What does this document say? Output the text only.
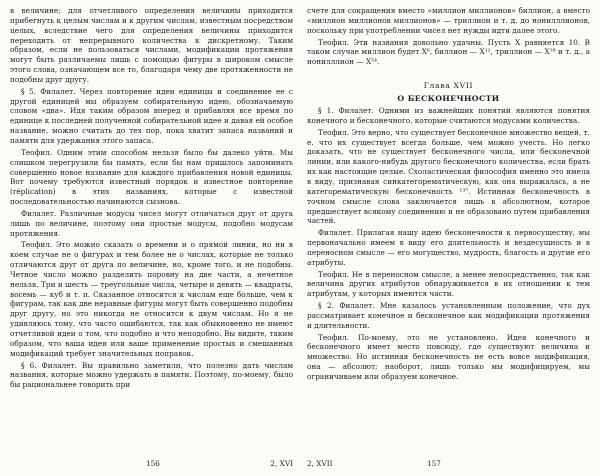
в величине; для отчетливого определения величины приходится прибегнуть к целым числам и к другим числам, известным посредством целых, вследствие чего для определения величины приходится переходить от непрерывного количества к дискретному. Таким образом, если не пользоваться числами, модификации протяжения могут быть различаемы лишь с помощью фигуры в широком смысле этого слова, означающем все то, благодаря чему две протяженности не подобны друг другу.

§ 5. Филалет. Через повторение идеи единицы и соединение ее с другой единицей мы образуем собирательную идею, обозначаемую словом «два». Идя таким образом вперед и прибавляя все время по единице к последней полученной собирательной идее и давая ей особое название, можно считать до тех пор, пока хватит запаса названий и памяти для удержания этого запаса.

Теофил. Одним этим способом нельзя было бы далеко уйти. Мы слишком перегрузили бы память, если бы нам пришлось запоминать совершенно новое название для каждого прибавления новой единицы. Вот почему требуются известный порядок и известное повторение (réplication) в этих названиях, которые с известной последовательностью начинаются сызнова.

Филалет. Различные модусы чисел могут отличаться друг от друга лишь по величине, поэтому они простые модусы, подобно модусам протяжения.

Теофил. Это можно сказать о времени и о прямой линии, но ни в коем случае не о фигурах и тем более не о числах, которые не только отличаются друг от друга по величине, но, кроме того, и не подобны. Четное число можно разделить поровну на две части, а нечетное нельзя. Три и шесть — треугольные числа, четыре и девять — квадраты, восемь — куб и т. п. Сказанное относится к числам еще больше, чем к фигурам, так как две неравные фигуры могут быть совершенно подобны друг другу, но это никогда не относится к двум числам. Но я не удивляюсь тому, что часто ошибаются, так как обыкновенно не имеют отчетливой идеи о том, что подобно и что неподобно. Вы видите, таким образом, что ваша идея или ваше применение простых и смешанных модификаций требует значительных поправок.

§ 6. Филалет. Вы правильно заметили, что полезно дать числам названия, которые можно удержать в памяти. Поэтому, по-моему, было бы рациональнее говорить при

156	2, XVI

счете для сокращения вместо «миллион миллионов» биллион, а вместо «миллион миллионов миллионов» — триллион и т. д. до нонилллионов, поскольку при употреблении чисел нет нужды идти далее этого.

Теофил. Эти названия довольно удачны. Пусть X равняется 10. В таком случае миллион будет X⁶, биллион — X¹², триллион — X¹⁸ и т. д., а нонилллион — X⁵⁴.

Глава XVII
О БЕСКОНЕЧНОСТИ

§ 1. Филалет. Одними из важнейших понятий являются понятия конечного и бесконечного, которые считаются модусами количества.

Теофил. Это верно, что существует бесконечное множество вещей, т. е. что их существует всегда больше, чем можно учесть. Но легко доказать, что не существует бесконечного числа, или бесконечной линии, или какого-нибудь другого бесконечного количества, если брать их как настоящие целые. Схоластическая философия именно это имела в виду, признавая синкатегорематическую, как она выражалась, а не категорематическую бесконечность ¹³⁷. Истинная бесконечность в точном смысле слова заключается лишь в абсолютном, которое предшествует всякому соединению и не образовано путем прибавления частей.

Филалет. Прилагая нашу идею бесконечности к первосуществу, мы первоначально имеем в виду его длительность и вездесущность и в переносном смысле — его могущество, мудрость, благость и другие его атрибуты.

Теофил. Не в переносном смысле, а менее непосредственно, так как величина других атрибутов обнаруживается в их отношении к тем атрибутам, у которых имеются части.

§ 2. Филалет. Мне казалось установленным положение, что дух рассматривает конечное и бесконечное как модификации протяжения и длительности.

Теофил. По-моему, это не установлено. Идея конечного и бесконечного имеет место повсюду, где существуют величина и множество. Но истинная бесконечность не есть вовсе модификация, она — абсолют; наоборот, лишь только мы модифицируем, мы ограничиваем или образуем конечное.

2, XVII	157
